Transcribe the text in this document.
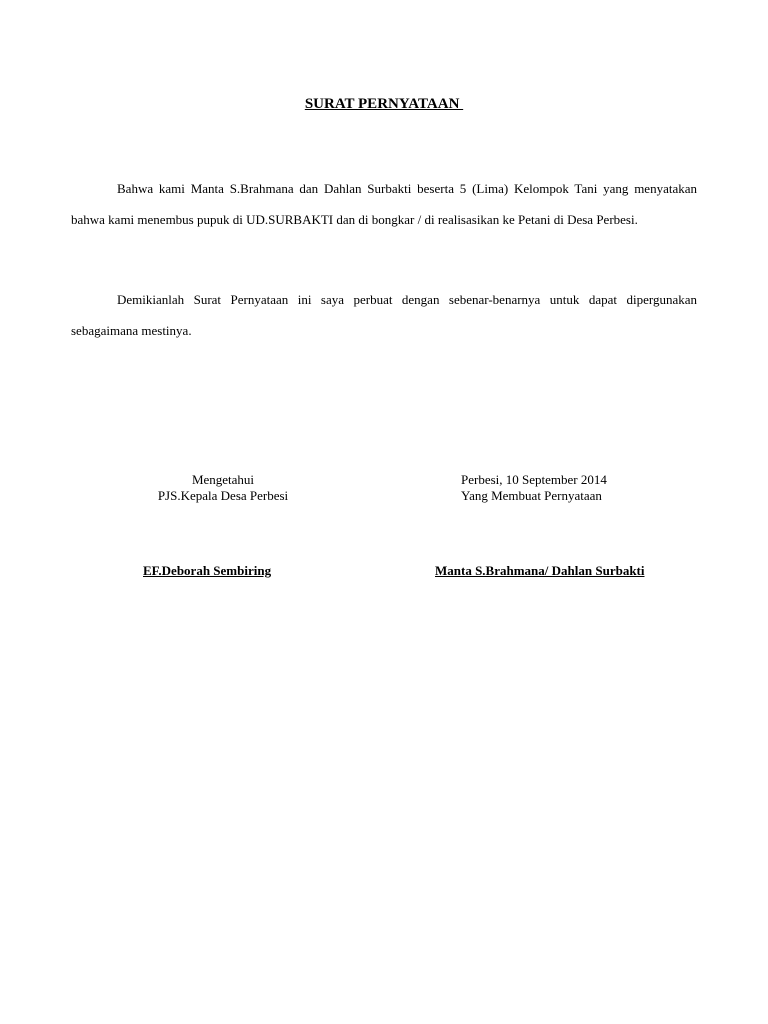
SURAT PERNYATAAN

Bahwa kami Manta S.Brahmana dan Dahlan Surbakti beserta 5 (Lima) Kelompok Tani yang menyatakan bahwa kami menembus pupuk di UD.SURBAKTI dan di bongkar / di realisasikan ke Petani di Desa Perbesi.

Demikianlah Surat Pernyataan ini saya perbuat dengan sebenar-benarnya untuk dapat dipergunakan sebagaimana mestinya.

Mengetahui
PJS.Kepala Desa Perbesi
Perbesi, 10 September 2014
Yang Membuat Pernyataan
EF.Deborah Sembiring	Manta S.Brahmana/ Dahlan Surbakti
